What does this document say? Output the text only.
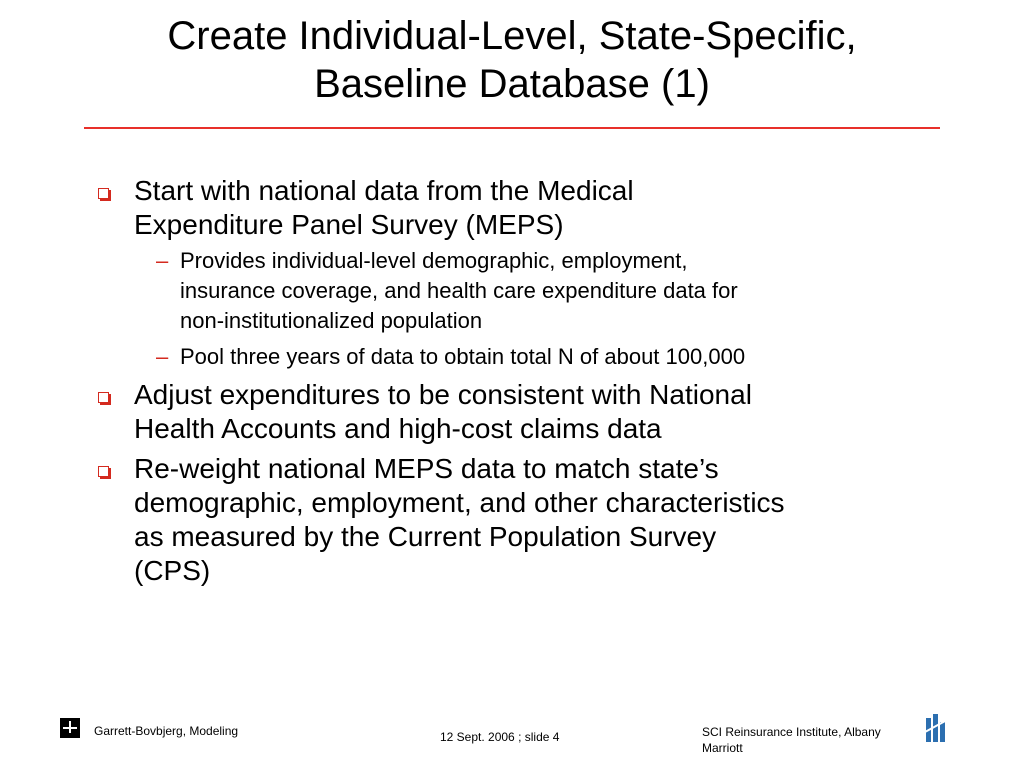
Create Individual-Level, State-Specific,
Baseline Database (1)
Start with national data from the Medical
Expenditure Panel Survey (MEPS)
– Provides individual-level demographic, employment,
insurance coverage, and health care expenditure data for
non-institutionalized population
– Pool three years of data to obtain total N of about 100,000
Adjust expenditures to be consistent with National
Health Accounts and high-cost claims data
Re-weight national MEPS data to match state’s
demographic, employment, and other characteristics
as measured by the Current Population Survey
(CPS)
Garrett-Bovbjerg, Modeling	12 Sept. 2006 ; slide 4	SCI Reinsurance Institute, Albany
Marriott
